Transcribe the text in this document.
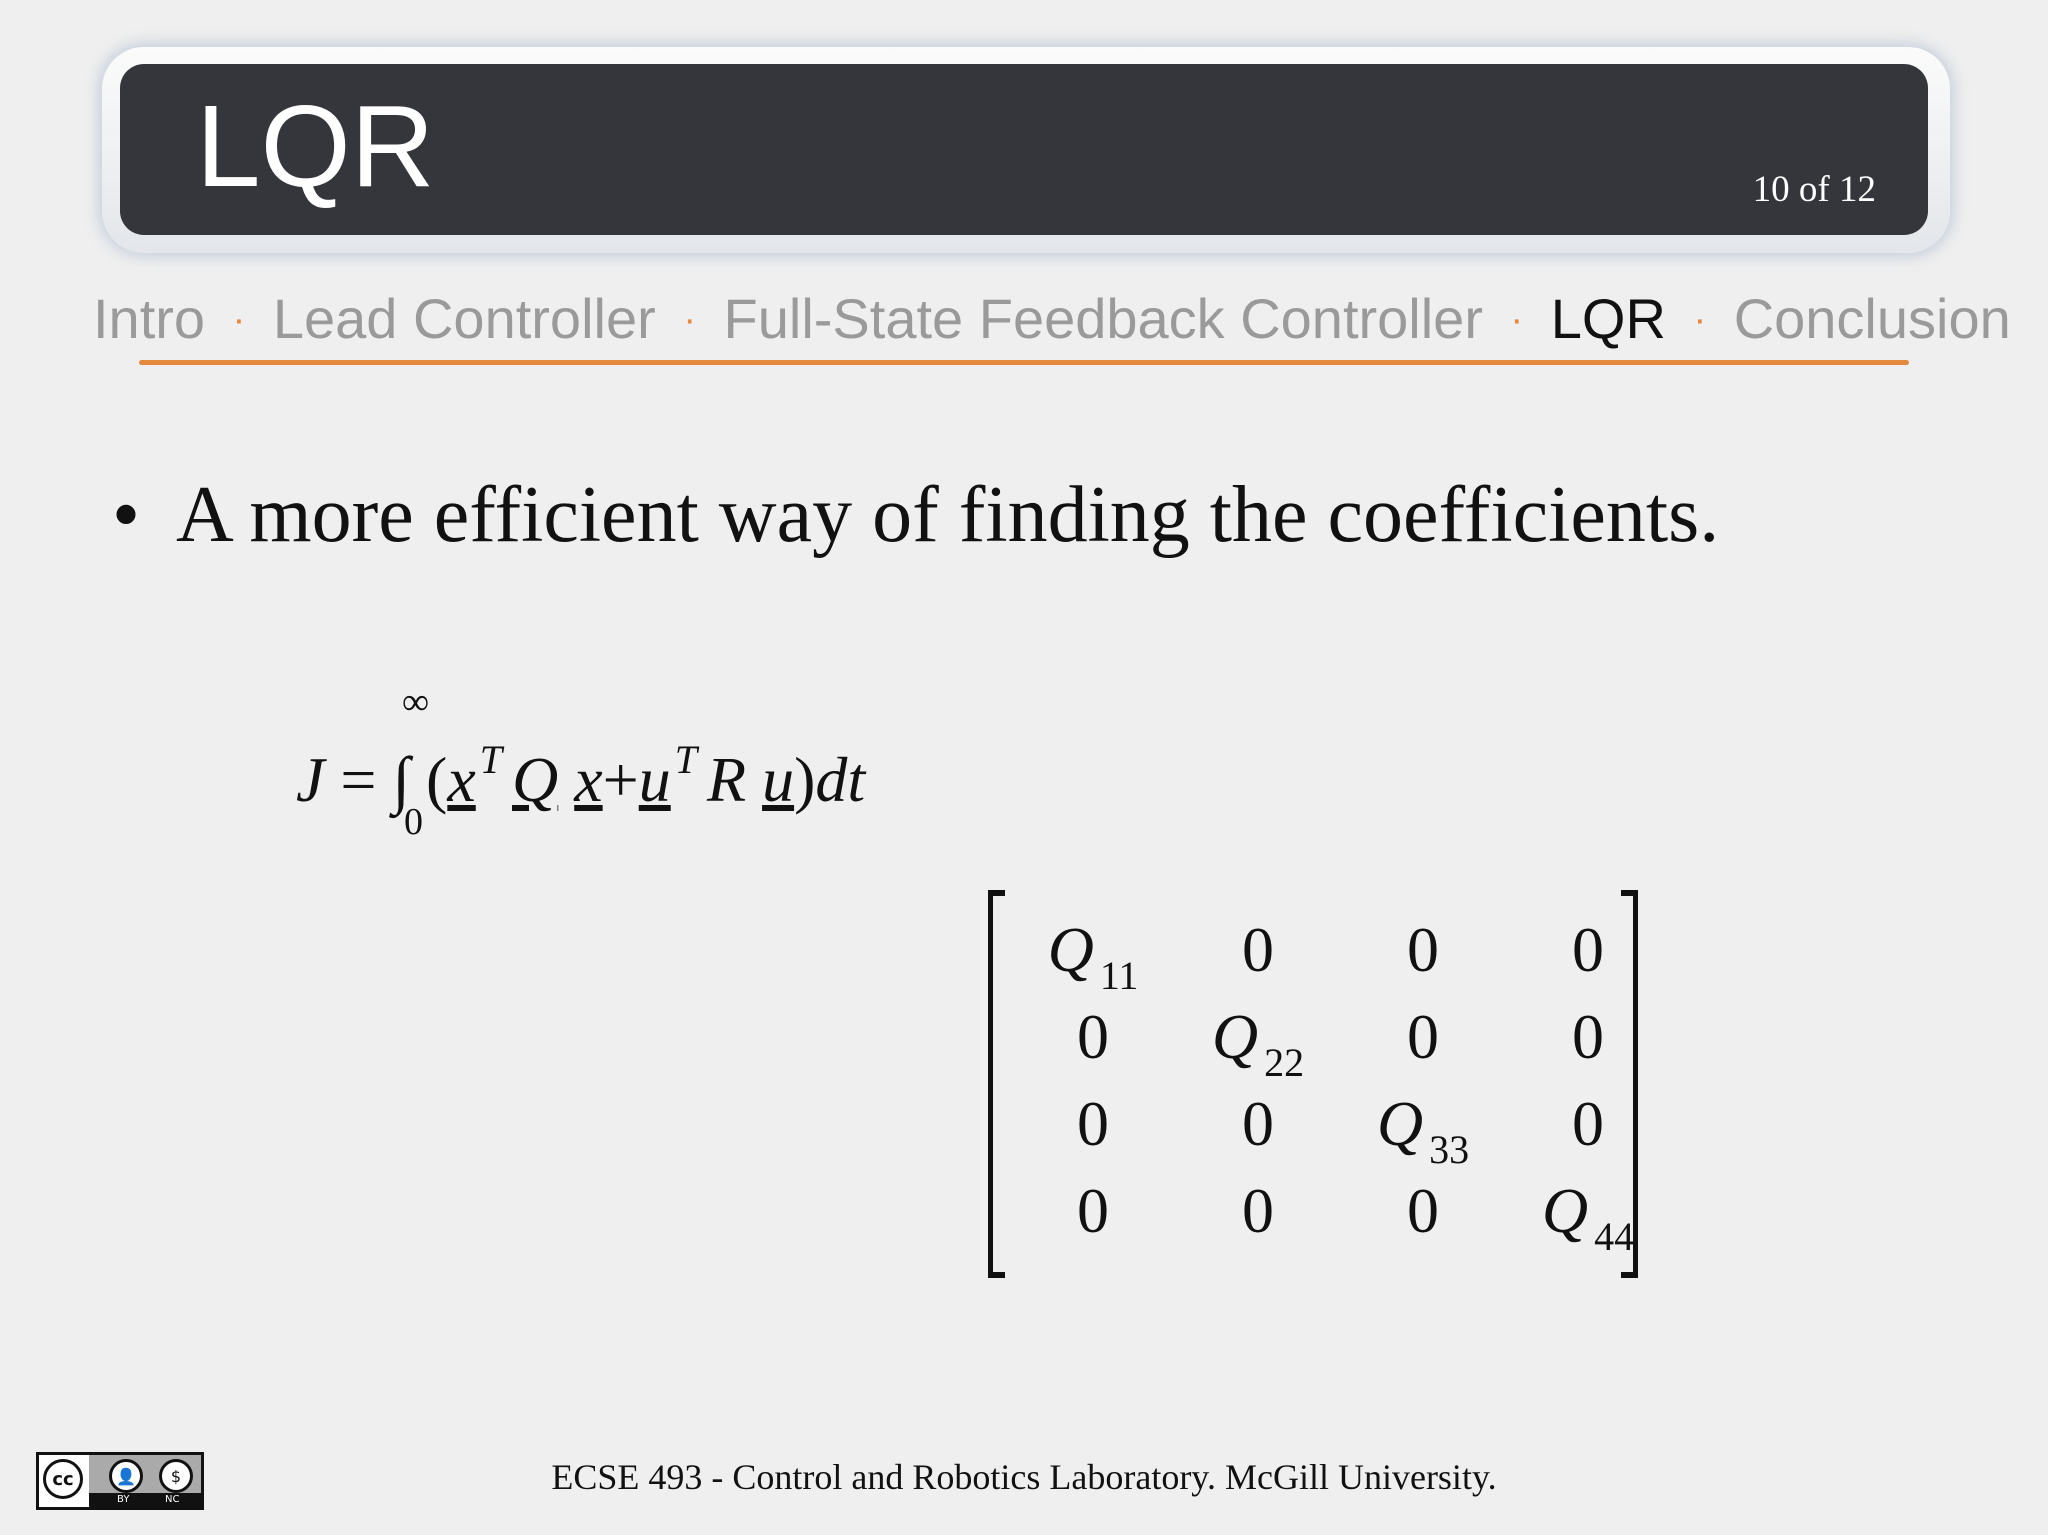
LQR	10 of 12
Intro · Lead Controller · Full-State Feedback Controller · LQR · Conclusion
• A more efficient way of finding the coefficients.
∞
J = ∫ (x $^T$ Q x+u $^T$ R u)dt
0
Q $_{11}$	0	0	0
0	Q $_{22}$	0	0
0	0	Q $_{33}$	0
0	0	0	Q $_{44}$
cc	👤	$
BY	NC
ECSE 493 - Control and Robotics Laboratory. McGill University.
